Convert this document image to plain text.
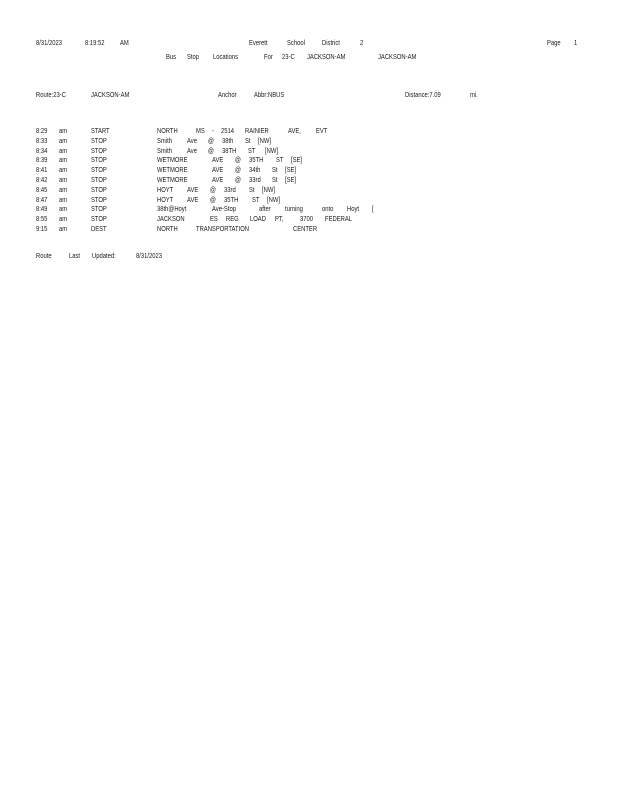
8/31/2023	8:19:52 AM	Everett	School District	2	Page 1
Bus Stop Locations	For 23-C JACKSON-AM	JACKSON-AM
Route:23-C	JACKSON-AM	Anchor Abbr:NBUS	Distance:7.09	mi.
8:29 am	START	NORTH MS - 2514 RAINIER	AVE, EVT
8:33 am	STOP	Smith Ave @ 38th St [NW]
8:34 am	STOP	Smith Ave @ 38TH ST [NW]
8:39 am	STOP	WETMORE	AVE @ 35TH ST [SE]
8:41 am	STOP	WETMORE	AVE @ 34th St [SE]
8:42 am	STOP	WETMORE	AVE @ 33rd St [SE]
8:45 am	STOP	HOYT AVE @ 33rd St [NW]
8:47 am	STOP	HOYT AVE @ 35TH ST [NW]
8:49 am	STOP	38th@Hoyt	Ave-Stop	after turning	onto Hoyt [
8:55 am	STOP	JACKSON	ES REG LOAD PT, 3700 FEDERAL
9:15 am	DEST	NORTH TRANSPORTATION	CENTER
Route Last Updated:	8/31/2023
